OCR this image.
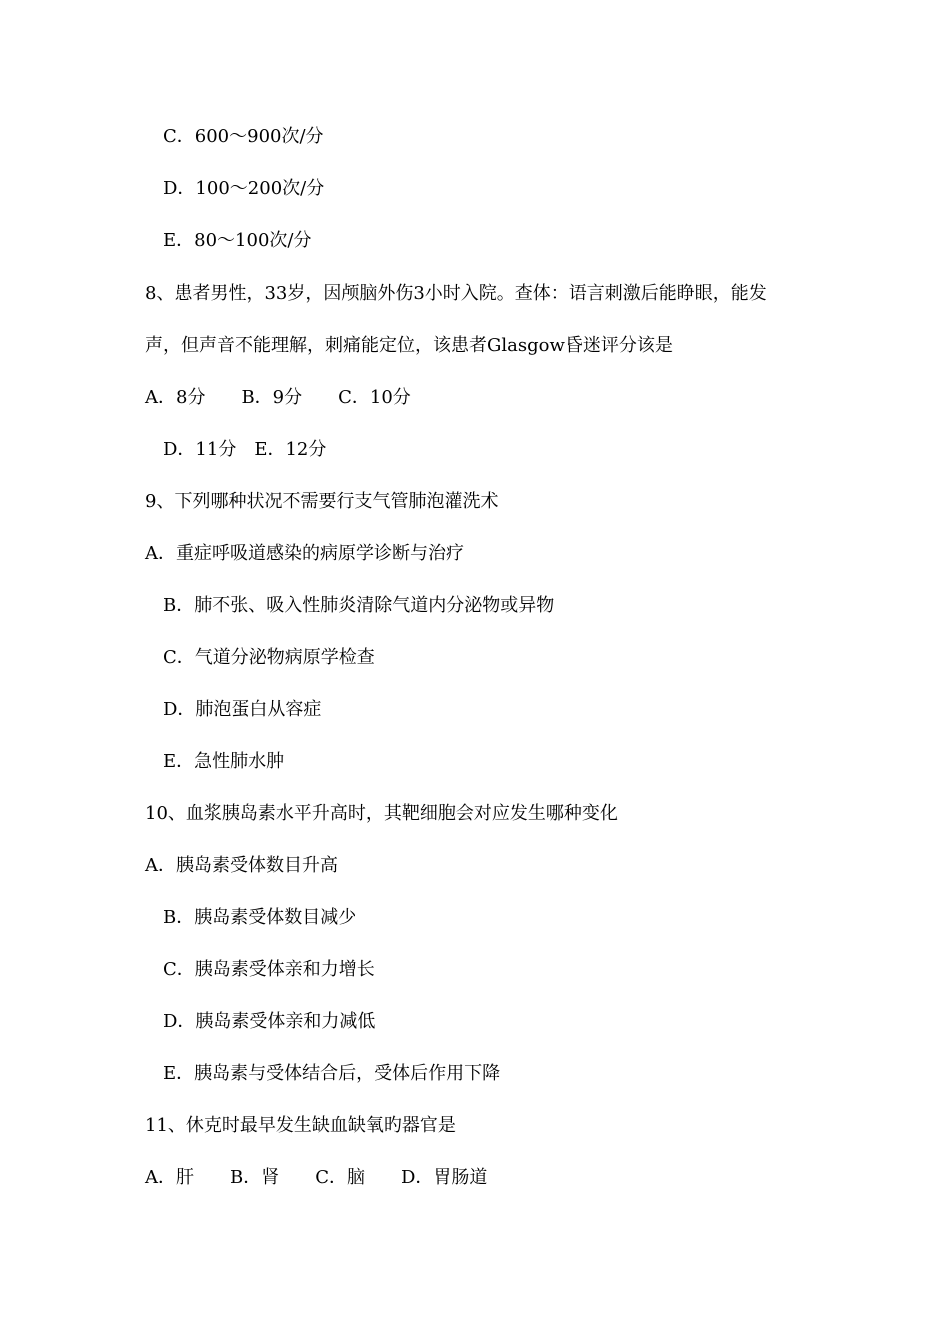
C．600～900次/分
D．100～200次/分
E．80～100次/分
8、患者男性，33岁，因颅脑外伤3小时入院。查体：语言刺激后能睁眼，能发
声，但声音不能理解，刺痛能定位，该患者Glasgow昏迷评分该是
A．8分　　B．9分　　C．10分
D．11分　E．12分
9、下列哪种状况不需要行支气管肺泡灌洗术
A．重症呼吸道感染的病原学诊断与治疗
B．肺不张、吸入性肺炎清除气道内分泌物或异物
C．气道分泌物病原学检查
D．肺泡蛋白从容症
E．急性肺水肿
10、血浆胰岛素水平升高时，其靶细胞会对应发生哪种变化
A．胰岛素受体数目升高
B．胰岛素受体数目减少
C．胰岛素受体亲和力增长
D．胰岛素受体亲和力减低
E．胰岛素与受体结合后，受体后作用下降
11、休克时最早发生缺血缺氧旳器官是
A．肝　　B．肾　　C．脑　　D．胃肠道
